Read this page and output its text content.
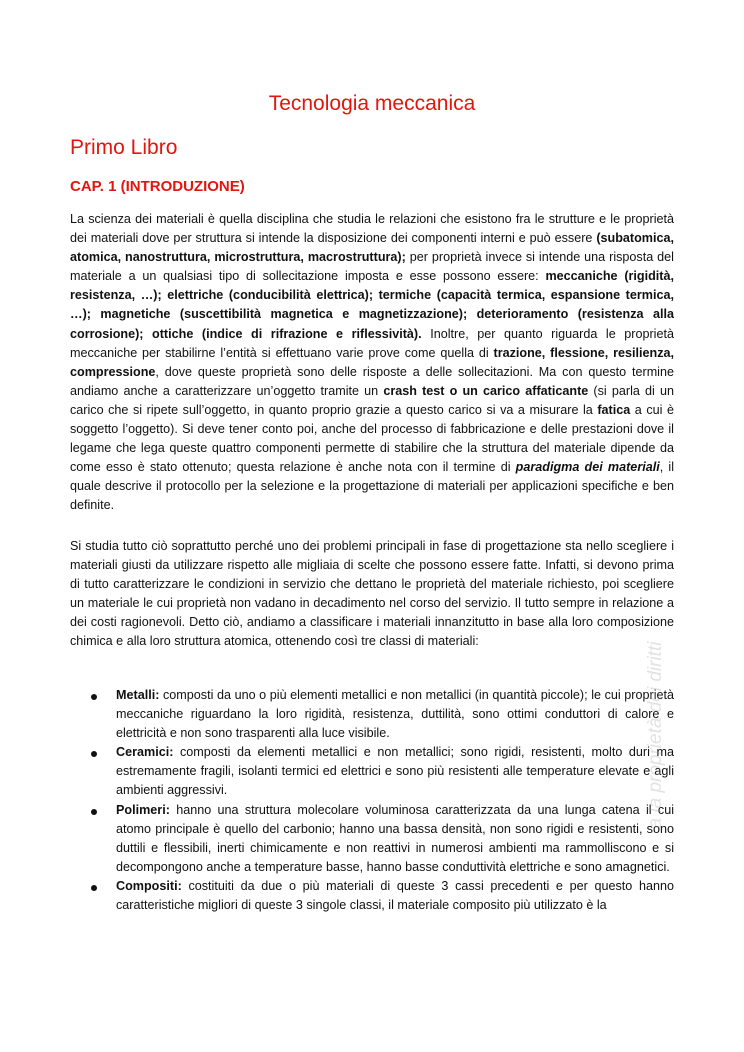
Tecnologia meccanica
Primo Libro
CAP. 1 (INTRODUZIONE)

La scienza dei materiali è quella disciplina che studia le relazioni che esistono fra le strutture e le proprietà dei materiali dove per struttura si intende la disposizione dei componenti interni e può essere (subatomica, atomica, nanostruttura, microstruttura, macrostruttura); per proprietà invece si intende una risposta del materiale a un qualsiasi tipo di sollecitazione imposta e esse possono essere: meccaniche (rigidità, resistenza, …); elettriche (conducibilità elettrica); termiche (capacità termica, espansione termica, …); magnetiche (suscettibilità magnetica e magnetizzazione); deterioramento (resistenza alla corrosione); ottiche (indice di rifrazione e riflessività). Inoltre, per quanto riguarda le proprietà meccaniche per stabilirne l’entità si effettuano varie prove come quella di trazione, flessione, resilienza, compressione, dove queste proprietà sono delle risposte a delle sollecitazioni. Ma con questo termine andiamo anche a caratterizzare un’oggetto tramite un crash test o un carico affaticante (si parla di un carico che si ripete sull’oggetto, in quanto proprio grazie a questo carico si va a misurare la fatica a cui è soggetto l’oggetto). Si deve tener conto poi, anche del processo di fabbricazione e delle prestazioni dove il legame che lega queste quattro componenti permette di stabilire che la struttura del materiale dipende da come esso è stato ottenuto; questa relazione è anche nota con il termine di paradigma dei materiali, il quale descrive il protocollo per la selezione e la progettazione di materiali per applicazioni specifiche e ben definite.

Si studia tutto ciò soprattutto perché uno dei problemi principali in fase di progettazione sta nello scegliere i materiali giusti da utilizzare rispetto alle migliaia di scelte che possono essere fatte. Infatti, si devono prima di tutto caratterizzare le condizioni in servizio che dettano le proprietà del materiale richiesto, poi scegliere un materiale le cui proprietà non vadano in decadimento nel corso del servizio. Il tutto sempre in relazione a dei costi ragionevoli. Detto ciò, andiamo a classificare i materiali innanzitutto in base alla loro composizione chimica e alla loro struttura atomica, ottenendo così tre classi di materiali:

Metalli: composti da uno o più elementi metallici e non metallici (in quantità piccole); le cui proprietà meccaniche riguardano la loro rigidità, resistenza, duttilità, sono ottimi conduttori di calore e elettricità e non sono trasparenti alla luce visibile.
Ceramici: composti da elementi metallici e non metallici; sono rigidi, resistenti, molto duri ma estremamente fragili, isolanti termici ed elettrici e sono più resistenti alle temperature elevate e agli ambienti aggressivi.
Polimeri: hanno una struttura molecolare voluminosa caratterizzata da una lunga catena il cui atomo principale è quello del carbonio; hanno una bassa densità, non sono rigidi e resistenti, sono duttili e flessibili, inerti chimicamente e non reattivi in numerosi ambienti ma rammolliscono e si decompongono anche a temperature basse, hanno basse conduttività elettriche e sono amagnetici.
Compositi: costituiti da due o più materiali di queste 3 cassi precedenti e per questo hanno caratteristiche migliori di queste 3 singole classi, il materiale composito più utilizzato è la
a la proprietà dei diritti
